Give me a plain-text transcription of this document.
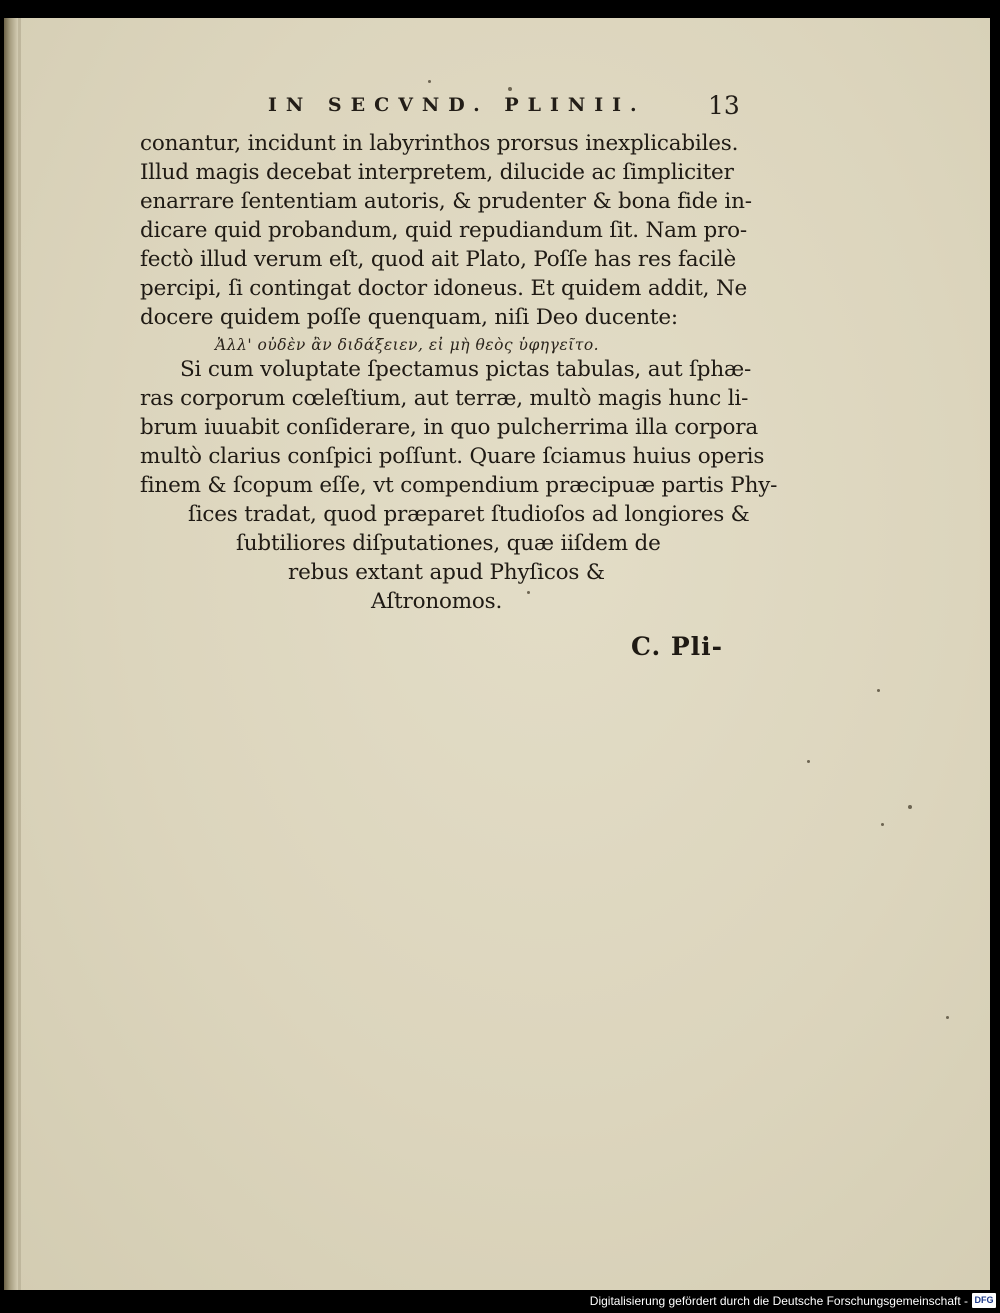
IN SECVND. PLINII. 13
conantur, incidunt in labyrinthos prorsus inexplicabiles.
Illud magis decebat interpretem, dilucide ac ſimpliciter
enarrare ſententiam autoris, & prudenter & bona fide in-
dicare quid probandum, quid repudiandum ſit. Nam pro-
fectò illud verum eſt, quod ait Plato, Poſſe has res facilè
percipi, ſi contingat doctor idoneus. Et quidem addit, Ne
docere quidem poſſe quenquam, niſi Deo ducente:
Ἀλλ' οὐδὲν ἂν διδάξειεν, εἰ μὴ θεὸς ὑφηγεῖτο.
Si cum voluptate ſpectamus pictas tabulas, aut ſphæ-
ras corporum cœleſtium, aut terræ, multò magis hunc li-
brum iuuabit conſiderare, in quo pulcherrima illa corpora
multò clarius conſpici poſſunt. Quare ſciamus huius operis
finem & ſcopum eſſe, vt compendium præcipuæ partis Phy-
ſices tradat, quod præparet ſtudioſos ad longiores &
ſubtiliores diſputationes, quæ iiſdem de
rebus extant apud Phyſicos &
Aſtronomos.
C. Pli-
Digitalisierung gefördert durch die Deutsche Forschungsgemeinschaft - DFG
